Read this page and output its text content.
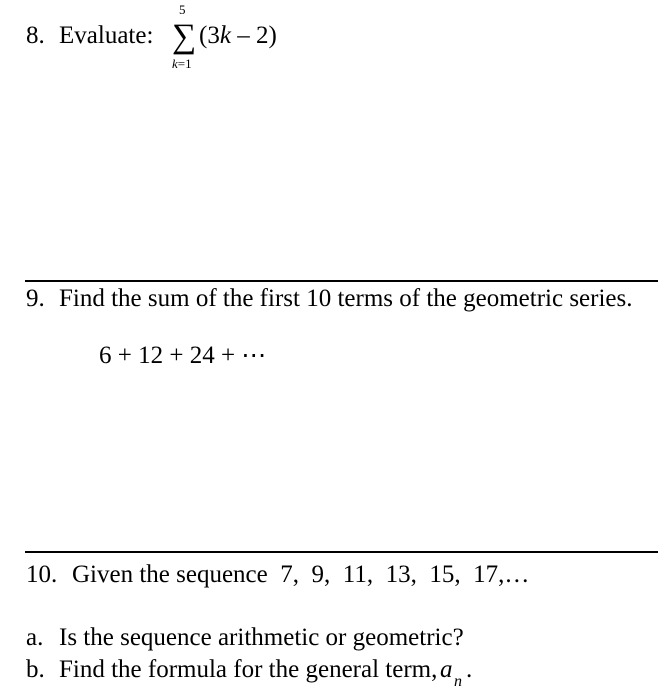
8. Evaluate:
5
∑
k=1
(3k – 2)
9. Find the sum of the first 10 terms of the geometric series.
6 + 12 + 24 + ⋯
10. Given the sequence  7,  9,  11,  13,  15,  17,…
a. Is the sequence arithmetic or geometric?
b. Find the formula for the general term, a n .
